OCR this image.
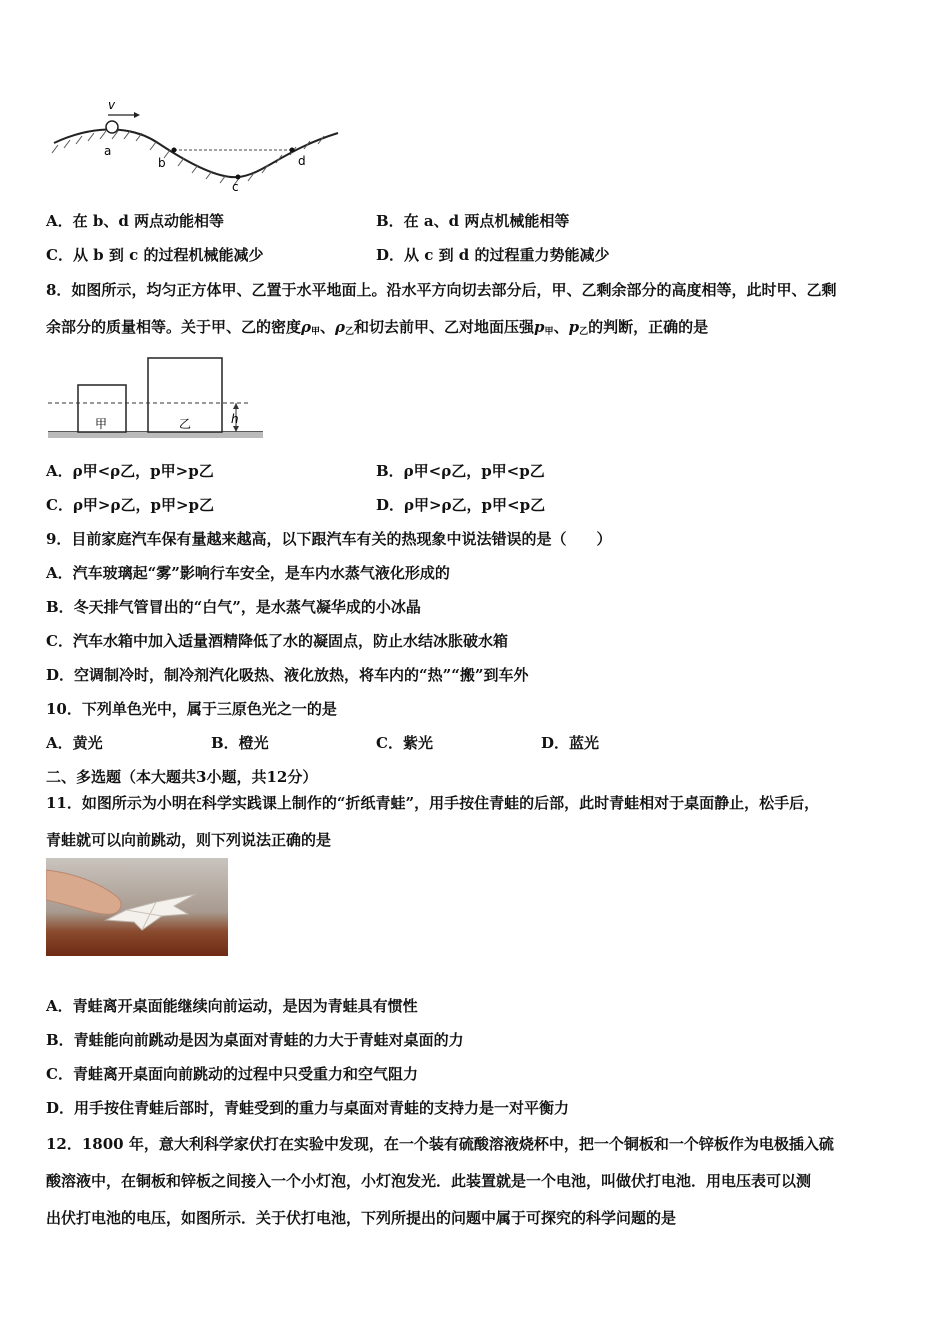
v
a
b
c
d
A．在 b、d 两点动能相等	B．在 a、d 两点机械能相等
C．从 b 到 c 的过程机械能减少	D．从 c 到 d 的过程重力势能减少
8．如图所示，均匀正方体甲、乙置于水平地面上。沿水平方向切去部分后，甲、乙剩余部分的高度相等，此时甲、乙剩
余部分的质量相等。关于甲、乙的密度$\rho_甲$、$\rho_乙$和切去前甲、乙对地面压强$p_甲$、$p_乙$的判断，正确的是
甲	乙	h
A．ρ甲<ρ乙，p甲>p乙	B．ρ甲<ρ乙，p甲<p乙
C．ρ甲>ρ乙，p甲>p乙	D．ρ甲>ρ乙，p甲<p乙
9．目前家庭汽车保有量越来越高，以下跟汽车有关的热现象中说法错误的是（　　）
A．汽车玻璃起“雾”影响行车安全，是车内水蒸气液化形成的
B．冬天排气管冒出的“白气”，是水蒸气凝华成的小冰晶
C．汽车水箱中加入适量酒精降低了水的凝固点，防止水结冰胀破水箱
D．空调制冷时，制冷剂汽化吸热、液化放热，将车内的“热”“搬”到车外
10．下列单色光中，属于三原色光之一的是
A．黄光	B．橙光	C．紫光	D．蓝光
二、多选题（本大题共3小题，共12分）
11．如图所示为小明在科学实践课上制作的“折纸青蛙”，用手按住青蛙的后部，此时青蛙相对于桌面静止，松手后，
青蛙就可以向前跳动，则下列说法正确的是
A．青蛙离开桌面能继续向前运动，是因为青蛙具有惯性
B．青蛙能向前跳动是因为桌面对青蛙的力大于青蛙对桌面的力
C．青蛙离开桌面向前跳动的过程中只受重力和空气阻力
D．用手按住青蛙后部时，青蛙受到的重力与桌面对青蛙的支持力是一对平衡力
12．1800 年，意大利科学家伏打在实验中发现，在一个装有硫酸溶液烧杯中，把一个铜板和一个锌板作为电极插入硫
酸溶液中，在铜板和锌板之间接入一个小灯泡，小灯泡发光．此装置就是一个电池，叫做伏打电池．用电压表可以测
出伏打电池的电压，如图所示．关于伏打电池，下列所提出的问题中属于可探究的科学问题的是
